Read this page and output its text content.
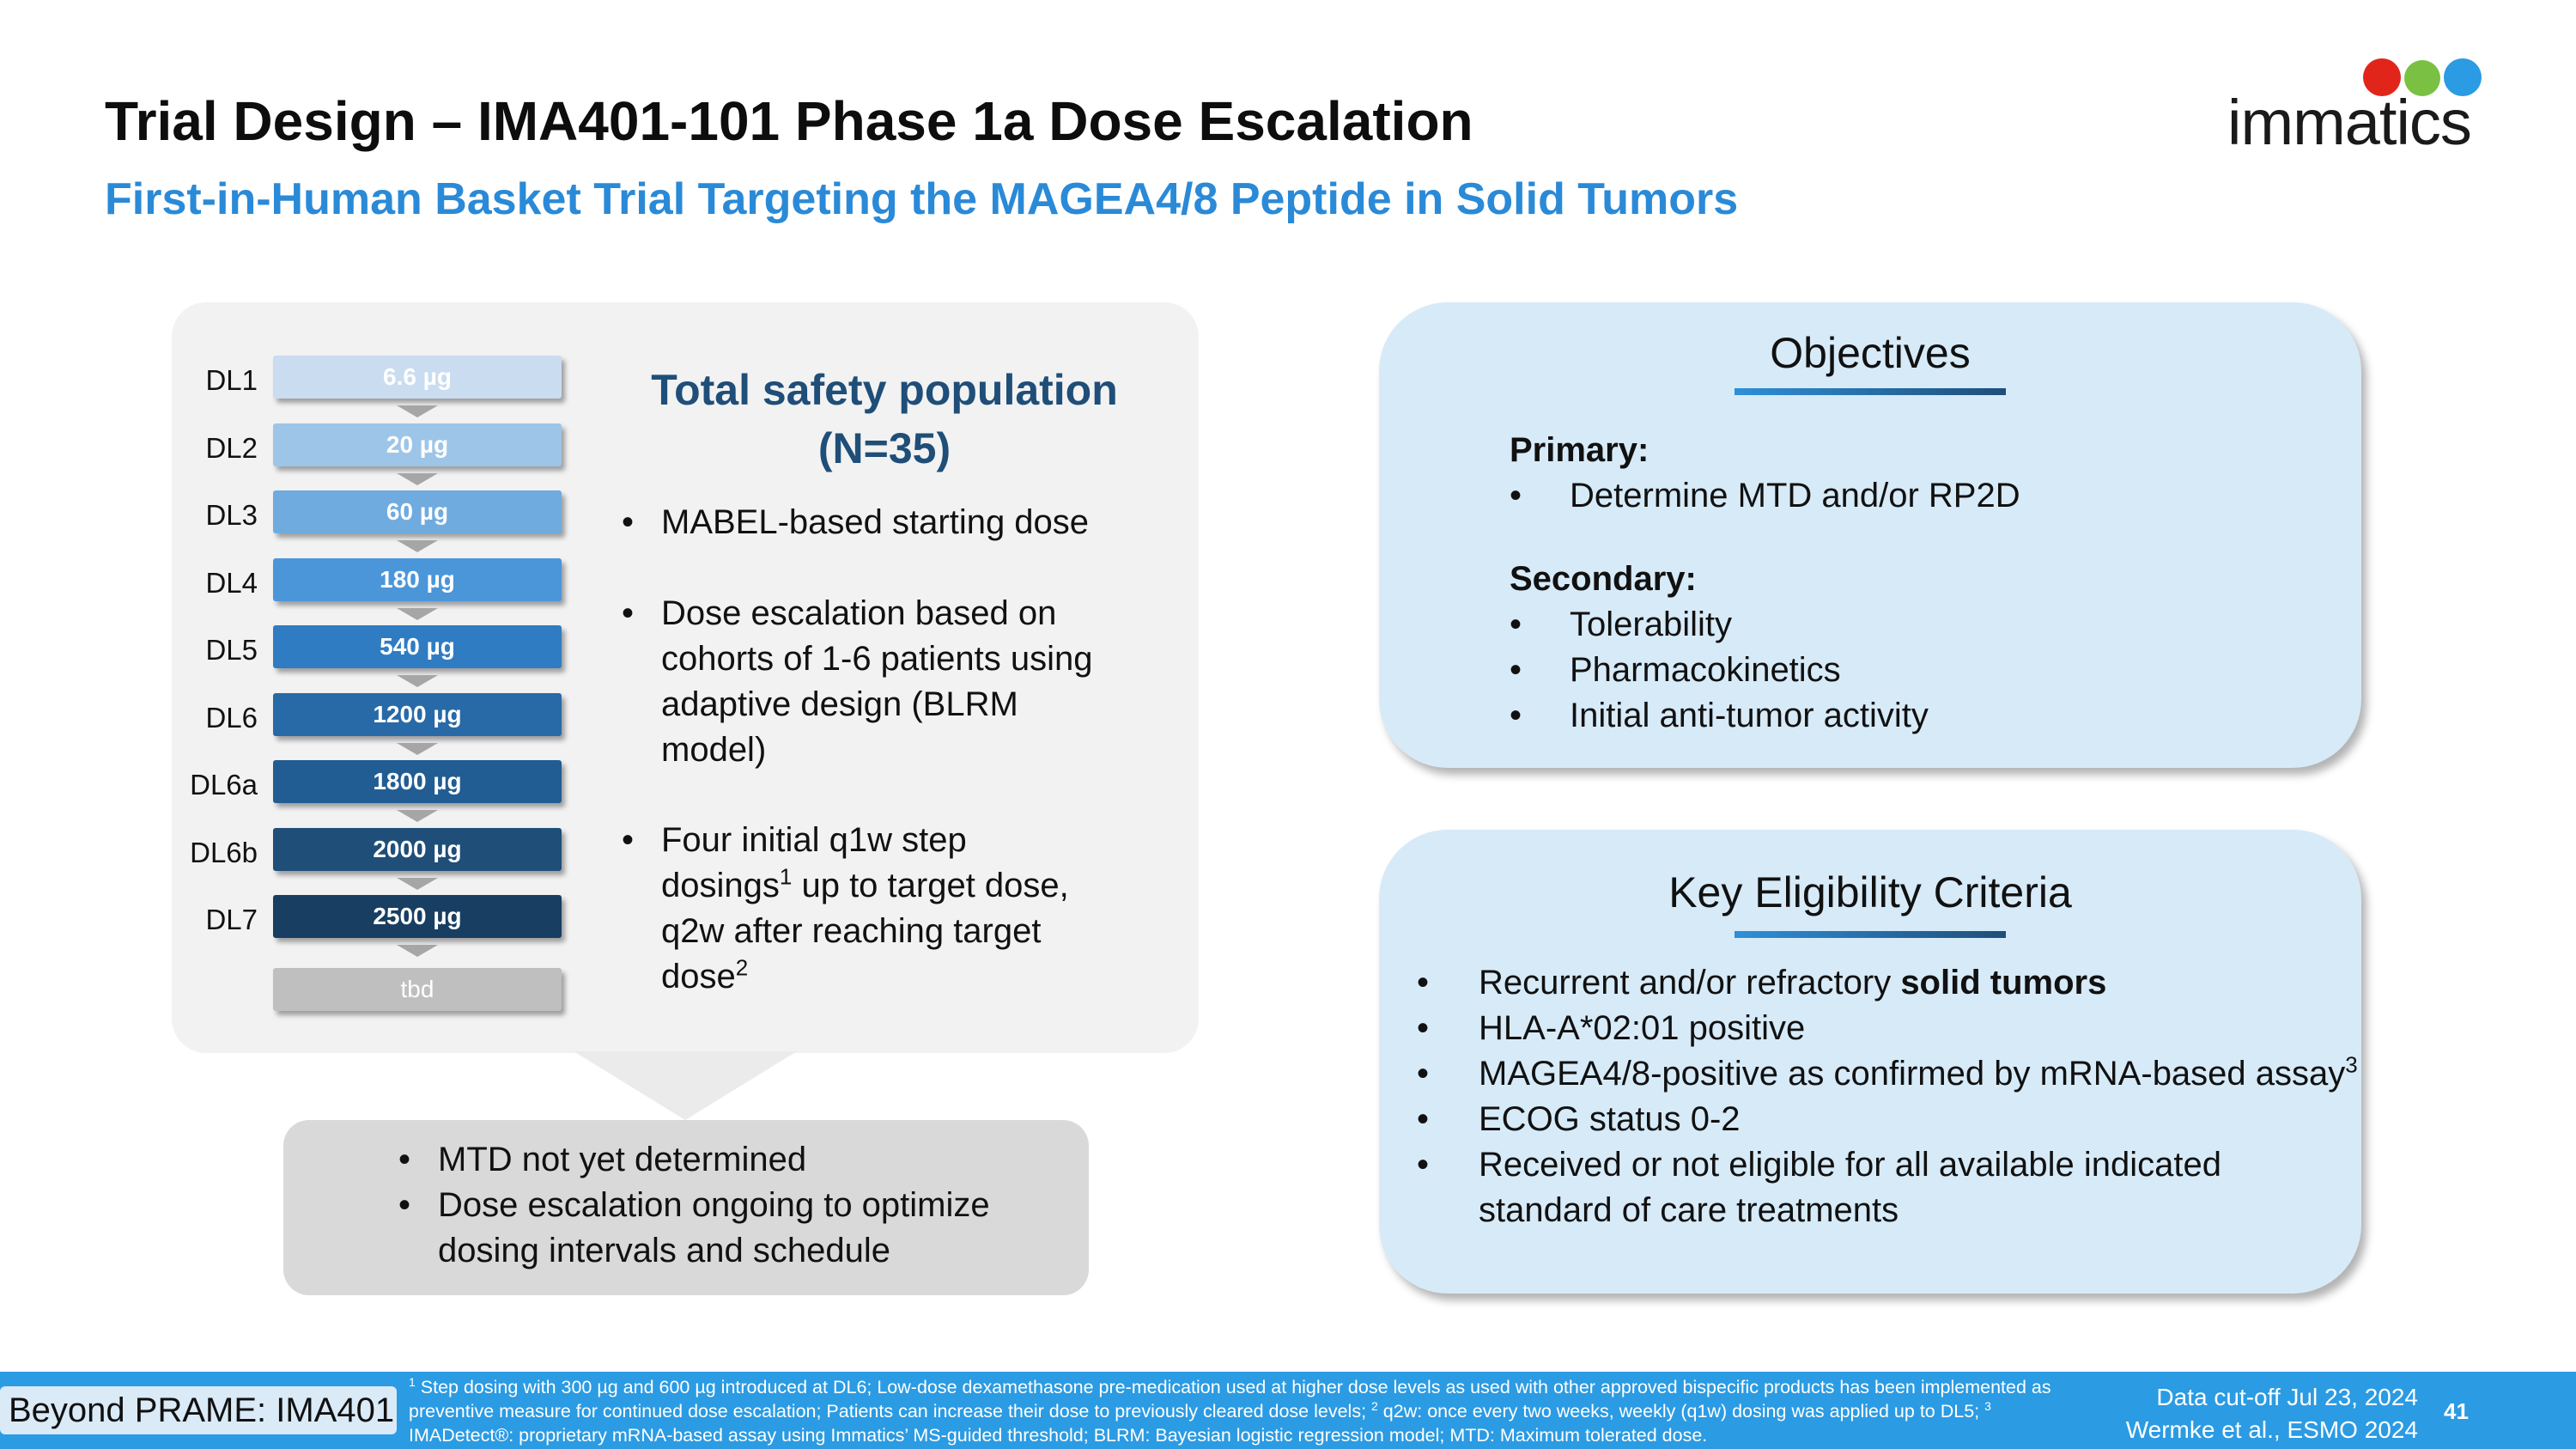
Trial Design – IMA401-101 Phase 1a Dose Escalation
First-in-Human Basket Trial Targeting the MAGEA4/8 Peptide in Solid Tumors
immatics
DL1	6.6 µg
DL2	20 µg
DL3	60 µg
DL4	180 µg
DL5	540 µg
DL6	1200 µg
DL6a	1800 µg
DL6b	2000 µg
DL7	2500 µg
tbd
Total safety population
(N=35)
• MABEL-based starting dose
• Dose escalation based on
cohorts of 1-6 patients using
adaptive design (BLRM
model)
• Four initial q1w step
dosings$^1$ up to target dose,
q2w after reaching target
dose$^2$
• MTD not yet determined
• Dose escalation ongoing to optimize
dosing intervals and schedule
Objectives
Primary:
• Determine MTD and/or RP2D
Secondary:
• Tolerability
• Pharmacokinetics
• Initial anti-tumor activity
Key Eligibility Criteria
• Recurrent and/or refractory solid tumors
• HLA-A*02:01 positive
• MAGEA4/8-positive as confirmed by mRNA-based assay$^3$
• ECOG status 0-2
• Received or not eligible for all available indicated
standard of care treatments
Beyond PRAME: IMA401
$^1$ Step dosing with 300 µg and 600 µg introduced at DL6; Low-dose dexamethasone pre-medication used at higher dose levels as used with other approved bispecific products has been implemented as preventive measure for continued dose escalation; Patients can increase their dose to previously cleared dose levels; $^2$ q2w: once every two weeks, weekly (q1w) dosing was applied up to DL5; $^3$ IMADetect®: proprietary mRNA-based assay using Immatics’ MS-guided threshold; BLRM: Bayesian logistic regression model; MTD: Maximum tolerated dose.
Data cut-off Jul 23, 2024
Wermke et al., ESMO 2024
41
